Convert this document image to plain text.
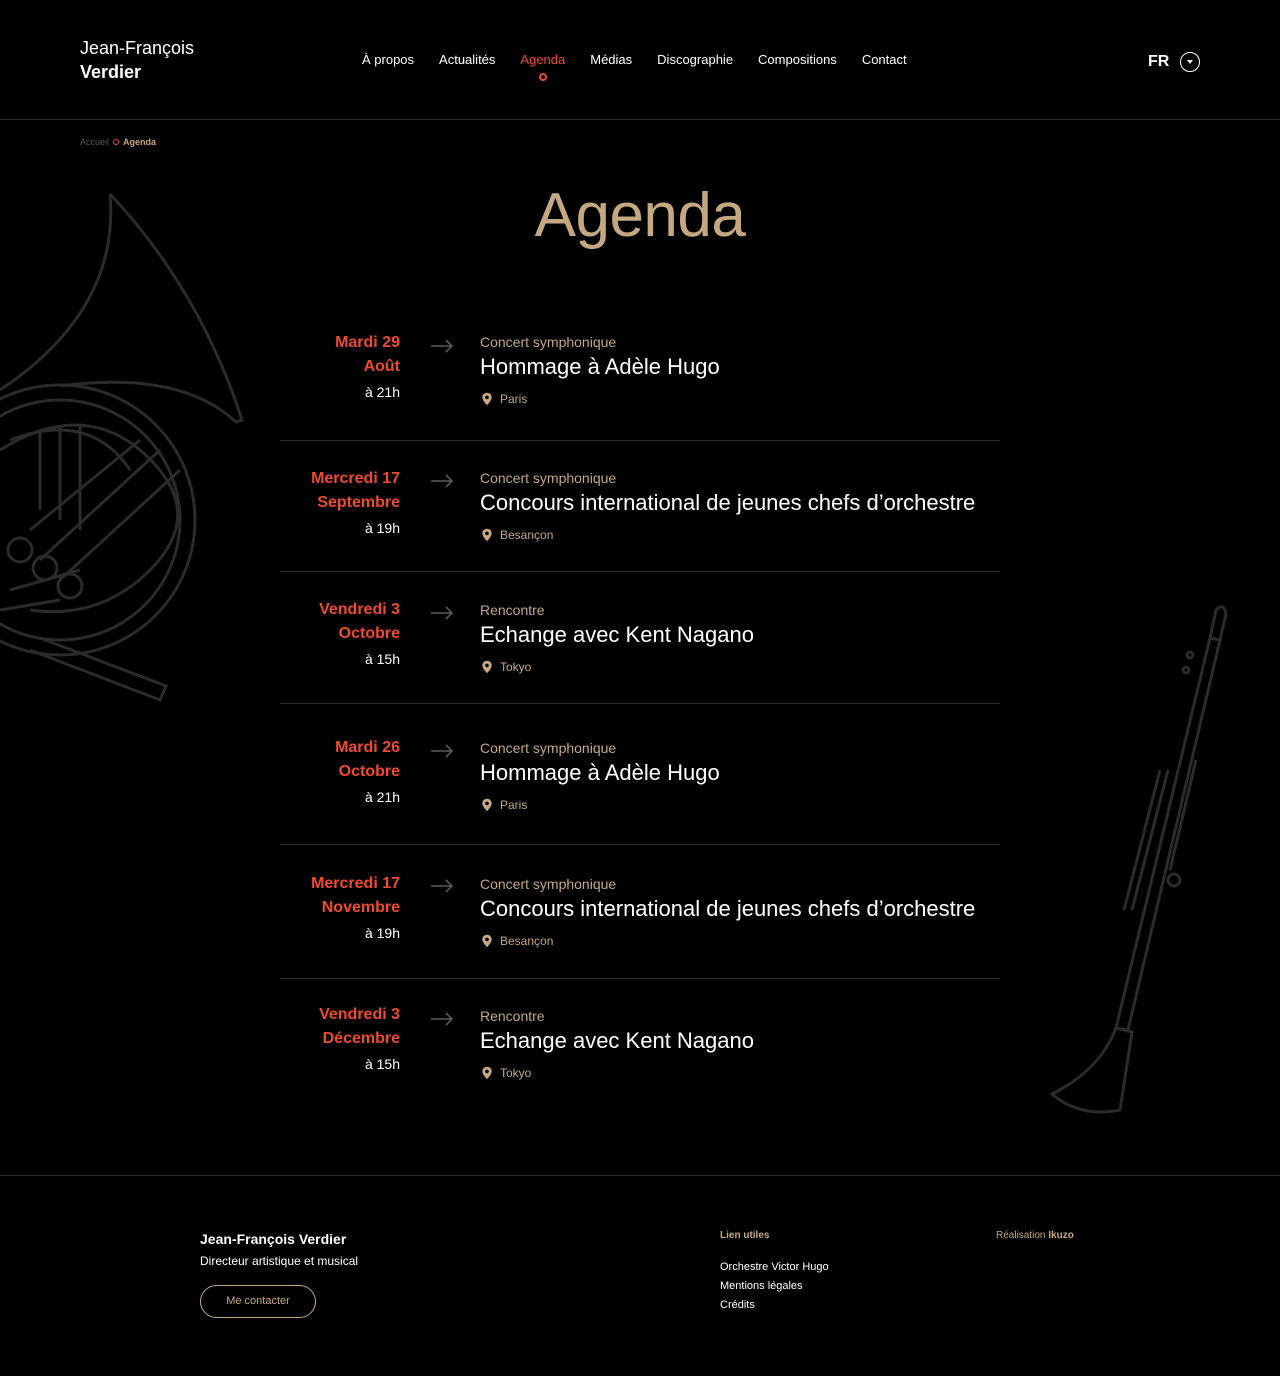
Jean-François
Verdier
À propos Actualités Agenda Médias Discographie Compositions Contact	FR
Accueil Agenda
Agenda
Mardi 29
Août
à 21h
Concert symphonique
Hommage à Adèle Hugo
Paris
Mercredi 17
Septembre
à 19h
Concert symphonique
Concours international de jeunes chefs d’orchestre
Besançon
Vendredi 3
Octobre
à 15h
Rencontre
Echange avec Kent Nagano
Tokyo
Mardi 26
Octobre
à 21h
Concert symphonique
Hommage à Adèle Hugo
Paris
Mercredi 17
Novembre
à 19h
Concert symphonique
Concours international de jeunes chefs d’orchestre
Besançon
Vendredi 3
Décembre
à 15h
Rencontre
Echange avec Kent Nagano
Tokyo
Jean-François Verdier
Directeur artistique et musical
Me contacter
Lien utiles
Orchestre Victor Hugo
Mentions légales
Crédits
Réalisation Ikuzo
